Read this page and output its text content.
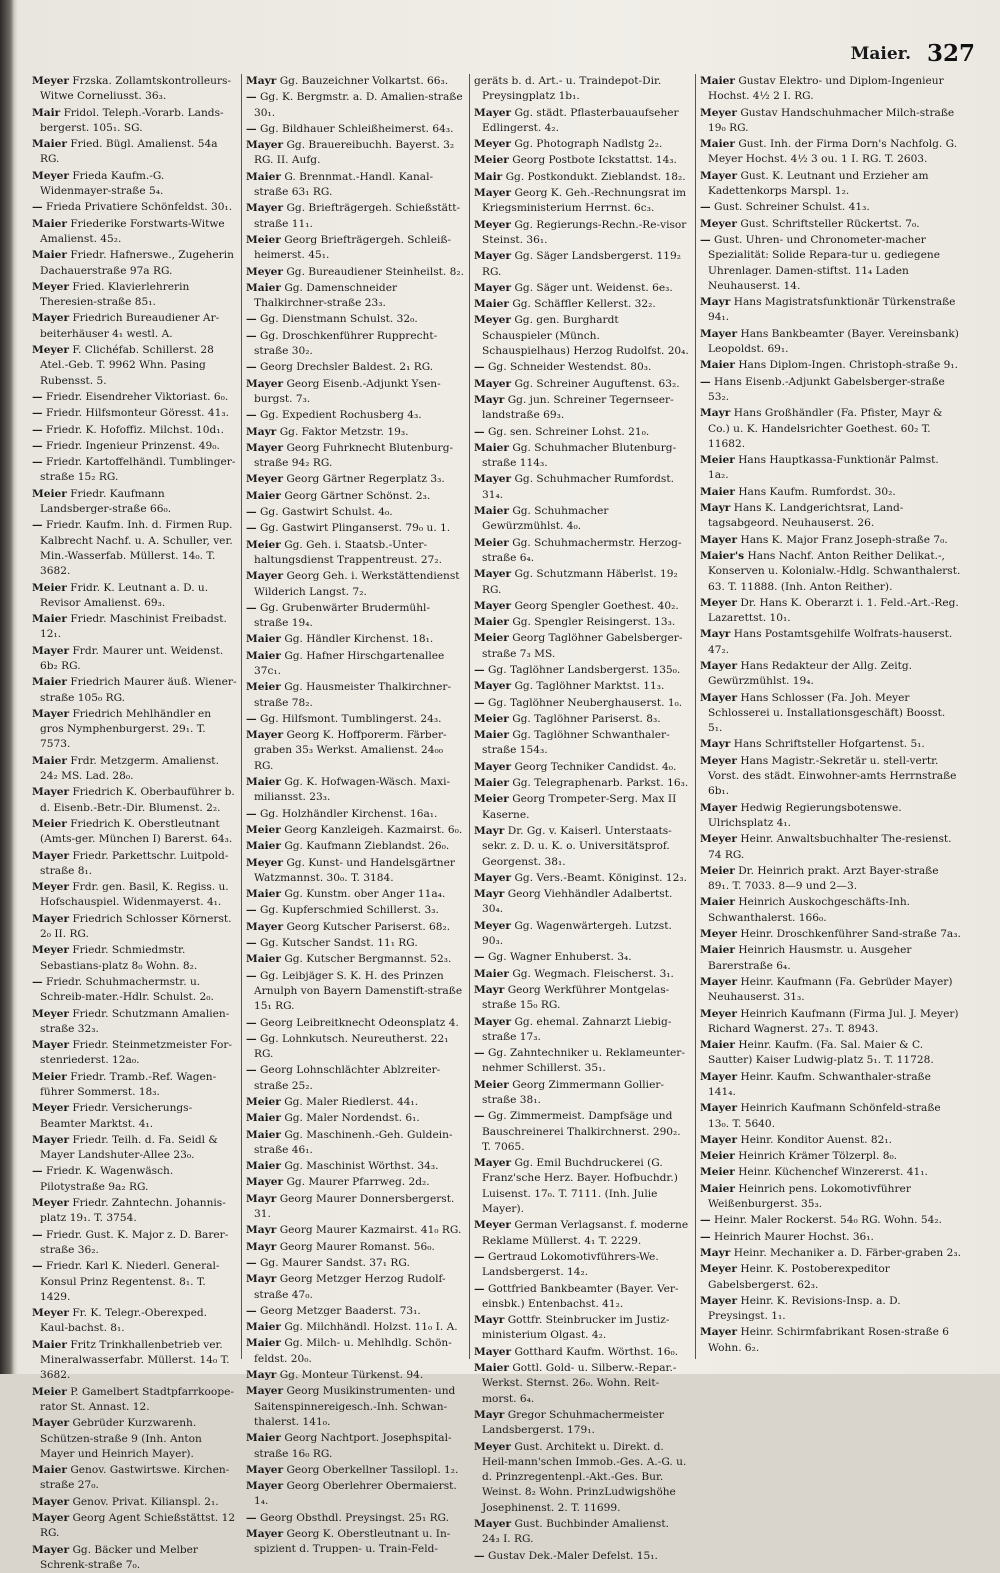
Maier. 327
Meyer Frzska. Zollamtskontrolleurs-Witwe Corneliusst. 36₃.
Mair Fridol. Teleph.-Vorarb. Lands-bergerst. 105₁. SG.
Maier Fried. Bügl. Amalienst. 54a RG.
Meyer Frieda Kaufm.-G. Widenmayer-straße 5₄.
— Frieda Privatiere Schönfeldst. 30₁.
Maier Friederike Forstwarts-Witwe Amalienst. 45₂.
Maier Friedr. Hafnerswe., Zugeherin Dachauerstraße 97a RG.
Meyer Fried. Klavierlehrerin Theresien-straße 85₁.
Mayer Friedrich Bureaudiener Ar-beiterhäuser 4₁ westl. A.
Meyer F. Clichéfab. Schillerst. 28 Atel.-Geb. T. 9962 Whn. Pasing Rubensst. 5.
— Friedr. Eisendreher Viktoriast. 6₀.
— Friedr. Hilfsmonteur Göresst. 41₃.
— Friedr. K. Hofoffiz. Milchst. 10d₁.
— Friedr. Ingenieur Prinzenst. 49₀.
— Friedr. Kartoffelhändl. Tumblinger-straße 15₂ RG.
Meier Friedr. Kaufmann Landsberger-straße 66₀.
— Friedr. Kaufm. Inh. d. Firmen Rup. Kalbrecht Nachf. u. A. Schuller, ver. Min.-Wasserfab. Müllerst. 14₀. T. 3682.
Meier Fridr. K. Leutnant a. D. u. Revisor Amalienst. 69₃.
Maier Friedr. Maschinist Freibadst. 12₁.
Mayer Frdr. Maurer unt. Weidenst. 6b₂ RG.
Maier Friedrich Maurer äuß. Wiener-straße 105₀ RG.
Mayer Friedrich Mehlhändler en gros Nymphenburgerst. 29₁. T. 7573.
Maier Frdr. Metzgerm. Amalienst. 24₂ MS. Lad. 28₀.
Mayer Friedrich K. Oberbauführer b. d. Eisenb.-Betr.-Dir. Blumenst. 2₂.
Meier Friedrich K. Oberstleutnant (Amts-ger. München I) Barerst. 64₃.
Mayer Friedr. Parkettschr. Luitpold-straße 8₁.
Meyer Frdr. gen. Basil, K. Regiss. u. Hofschauspiel. Widenmayerst. 4₁.
Mayer Friedrich Schlosser Körnerst. 2₀ II. RG.
Meyer Friedr. Schmiedmstr. Sebastians-platz 8₀ Wohn. 8₂.
— Friedr. Schuhmachermstr. u. Schreib-mater.-Hdlr. Schulst. 2₀.
Meyer Friedr. Schutzmann Amalien-straße 32₃.
Mayer Friedr. Steinmetzmeister For-stenriederst. 12a₀.
Meier Friedr. Tramb.-Ref. Wagen-führer Sommerst. 18₃.
Meyer Friedr. Versicherungs-Beamter Marktst. 4₁.
Mayer Friedr. Teilh. d. Fa. Seidl & Mayer Landshuter-Allee 23₀.
— Friedr. K. Wagenwäsch. Pilotystraße 9a₂ RG.
Meyer Friedr. Zahntechn. Johannis-platz 19₁. T. 3754.
— Friedr. Gust. K. Major z. D. Barer-straße 36₂.
— Friedr. Karl K. Niederl. General-Konsul Prinz Regentenst. 8₁. T. 1429.
Meyer Fr. K. Telegr.-Oberexped. Kaul-bachst. 8₁.
Maier Fritz Trinkhallenbetrieb ver. Mineralwasserfabr. Müllerst. 14₀ T. 3682.
Meier P. Gamelbert Stadtpfarrkoope-rator St. Annast. 12.
Mayer Gebrüder Kurzwarenh. Schützen-straße 9 (Inh. Anton Mayer und Heinrich Mayer).
Maier Genov. Gastwirtswe. Kirchen-straße 27₀.
Mayer Genov. Privat. Kilianspl. 2₁.
Mayer Georg Agent Schießstättst. 12 RG.
Mayer Gg. Bäcker und Melber Schrenk-straße 7₀.
Mayr Gg. Bauzeichner Volkartst. 66₃.
— Gg. K. Bergmstr. a. D. Amalien-straße 30₁.
— Gg. Bildhauer Schleißheimerst. 64₃.
Mayer Gg. Brauereibuchh. Bayerst. 3₂ RG. II. Aufg.
Maier G. Brennmat.-Handl. Kanal-straße 63₁ RG.
Mayer Gg. Briefträgergeh. Schießstätt-straße 11₁.
Meier Georg Briefträgergeh. Schleiß-heimerst. 45₁.
Meyer Gg. Bureaudiener Steinheilst. 8₂.
Maier Gg. Damenschneider Thalkirchner-straße 23₃.
— Gg. Dienstmann Schulst. 32₀.
— Gg. Droschkenführer Rupprecht-straße 30₂.
— Georg Drechsler Baldest. 2₁ RG.
Mayer Georg Eisenb.-Adjunkt Ysen-burgst. 7₃.
— Gg. Expedient Rochusberg 4₃.
Mayr Gg. Faktor Metzstr. 19₃.
Mayer Georg Fuhrknecht Blutenburg-straße 94₂ RG.
Meyer Georg Gärtner Regerplatz 3₃.
Maier Georg Gärtner Schönst. 2₃.
— Gg. Gastwirt Schulst. 4₀.
— Gg. Gastwirt Plinganserst. 79₀ u. 1.
Meier Gg. Geh. i. Staatsb.-Unter-haltungsdienst Trappentreust. 27₂.
Mayer Georg Geh. i. Werkstättendienst Wilderich Langst. 7₂.
— Gg. Grubenwärter Brudermühl-straße 19₄.
Maier Gg. Händler Kirchenst. 18₁.
Maier Gg. Hafner Hirschgartenallee 37c₁.
Meier Gg. Hausmeister Thalkirchner-straße 78₂.
— Gg. Hilfsmont. Tumblingerst. 24₃.
Mayer Georg K. Hoffporerm. Färber-graben 35₃ Werkst. Amalienst. 24₀₀ RG.
Maier Gg. K. Hofwagen-Wäsch. Maxi-miliansst. 23₃.
— Gg. Holzhändler Kirchenst. 16a₁.
Meier Georg Kanzleigeh. Kazmairst. 6₀.
Maier Gg. Kaufmann Zieblandst. 26₀.
Meyer Gg. Kunst- und Handelsgärtner Watzmannst. 30₀. T. 3184.
Maier Gg. Kunstm. ober Anger 11a₄.
— Gg. Kupferschmied Schillerst. 3₃.
Mayer Georg Kutscher Pariserst. 68₂.
— Gg. Kutscher Sandst. 11₁ RG.
Maier Gg. Kutscher Bergmannst. 52₃.
— Gg. Leibjäger S. K. H. des Prinzen Arnulph von Bayern Damenstift-straße 15₁ RG.
— Georg Leibreitknecht Odeonsplatz 4.
— Gg. Lohnkutsch. Neureutherst. 22₁ RG.
— Georg Lohnschlächter Ablzreiter-straße 25₂.
Meier Gg. Maler Riedlerst. 44₁.
Maier Gg. Maler Nordendst. 6₁.
Maier Gg. Maschinenh.-Geh. Guldein-straße 46₁.
Maier Gg. Maschinist Wörthst. 34₃.
Mayer Gg. Maurer Pfarrweg. 2d₂.
Mayr Georg Maurer Donnersbergerst. 31.
Mayr Georg Maurer Kazmairst. 41₀ RG.
Mayr Georg Maurer Romanst. 56₀.
— Gg. Maurer Sandst. 37₁ RG.
Mayr Georg Metzger Herzog Rudolf-straße 47₀.
— Georg Metzger Baaderst. 73₁.
Maier Gg. Milchhändl. Holzst. 11₀ I. A.
Maier Gg. Milch- u. Mehlhdlg. Schön-feldst. 20₀.
Mayr Gg. Monteur Türkenst. 94.
Mayer Georg Musikinstrumenten- und Saitenspinnereigesch.-Inh. Schwan-thalerst. 141₀.
Maier Georg Nachtport. Josephspital-straße 16₀ RG.
Mayer Georg Oberkellner Tassilopl. 1₂.
Mayer Georg Oberlehrer Obermaierst. 1₄.
— Georg Obsthdl. Preysingst. 25₁ RG.
Mayer Georg K. Oberstleutnant u. In-spizient d. Truppen- u. Train-Feld-
geräts b. d. Art.- u. Traindepot-Dir. Preysingplatz 1b₁.
Mayer Gg. städt. Pflasterbauaufseher Edlingerst. 4₂.
Meyer Gg. Photograph Nadlstg 2₂.
Meier Georg Postbote Ickstattst. 14₃.
Mair Gg. Postkondukt. Zieblandst. 18₂.
Mayer Georg K. Geh.-Rechnungsrat im Kriegsministerium Herrnst. 6c₃.
Meyer Gg. Regierungs-Rechn.-Re-visor Steinst. 36₁.
Mayer Gg. Säger Landsbergerst. 119₂ RG.
Mayer Gg. Säger unt. Weidenst. 6e₃.
Maier Gg. Schäffler Kellerst. 32₂.
Meyer Gg. gen. Burghardt Schauspieler (Münch. Schauspielhaus) Herzog Rudolfst. 20₄.
— Gg. Schneider Westendst. 80₃.
Mayer Gg. Schreiner Auguftenst. 63₂.
Mayr Gg. jun. Schreiner Tegernseer-landstraße 69₃.
— Gg. sen. Schreiner Lohst. 21₀.
Maier Gg. Schuhmacher Blutenburg-straße 114₃.
Mayer Gg. Schuhmacher Rumfordst. 31₄.
Maier Gg. Schuhmacher Gewürzmühlst. 4₀.
Meier Gg. Schuhmachermstr. Herzog-straße 6₄.
Mayer Gg. Schutzmann Häberlst. 19₂ RG.
Mayer Georg Spengler Goethest. 40₂.
Maier Gg. Spengler Reisingerst. 13₃.
Meier Georg Taglöhner Gabelsberger-straße 7₃ MS.
— Gg. Taglöhner Landsbergerst. 135₀.
Mayer Gg. Taglöhner Marktst. 11₃.
— Gg. Taglöhner Neuberghauserst. 1₀.
Meier Gg. Taglöhner Pariserst. 8₃.
Maier Gg. Taglöhner Schwanthaler-straße 154₃.
Mayer Georg Techniker Candidst. 4₀.
Maier Gg. Telegraphenarb. Parkst. 16₃.
Meier Georg Trompeter-Serg. Max II Kaserne.
Mayr Dr. Gg. v. Kaiserl. Unterstaats-sekr. z. D. u. K. o. Universitätsprof. Georgenst. 38₁.
Mayer Gg. Vers.-Beamt. Königinst. 12₃.
Mayr Georg Viehhändler Adalbertst. 30₄.
Meyer Gg. Wagenwärtergeh. Lutzst. 90₃.
— Gg. Wagner Enhuberst. 3₄.
Maier Gg. Wegmach. Fleischerst. 3₁.
Mayr Georg Werkführer Montgelas-straße 15₀ RG.
Mayer Gg. ehemal. Zahnarzt Liebig-straße 17₃.
— Gg. Zahntechniker u. Reklameunter-nehmer Schillerst. 35₁.
Meier Georg Zimmermann Gollier-straße 38₁.
— Gg. Zimmermeist. Dampfsäge und Bauschreinerei Thalkirchnerst. 290₂. T. 7065.
Mayer Gg. Emil Buchdruckerei (G. Franz'sche Herz. Bayer. Hofbuchdr.) Luisenst. 17₀. T. 7111. (Inh. Julie Mayer).
Meyer German Verlagsanst. f. moderne Reklame Müllerst. 4₁ T. 2229.
— Gertraud Lokomotivführers-We. Landsbergerst. 14₂.
— Gottfried Bankbeamter (Bayer. Ver-einsbk.) Entenbachst. 41₂.
Mayr Gottfr. Steinbrucker im Justiz-ministerium Olgast. 4₂.
Mayer Gotthard Kaufm. Wörthst. 16₀.
Maier Gottl. Gold- u. Silberw.-Repar.-Werkst. Sternst. 26₀. Wohn. Reit-morst. 6₄.
Mayr Gregor Schuhmachermeister Landsbergerst. 179₁.
Meyer Gust. Architekt u. Direkt. d. Heil-mann'schen Immob.-Ges. A.-G. u. d. Prinzregentenpl.-Akt.-Ges. Bur. Weinst. 8₂ Wohn. PrinzLudwigshöhe Josephinenst. 2. T. 11699.
Mayer Gust. Buchbinder Amalienst. 24₃ I. RG.
— Gustav Dek.-Maler Defelst. 15₁.
Maier Gustav Elektro- und Diplom-Ingenieur Hochst. 4½ 2 I. RG.
Meyer Gustav Handschuhmacher Milch-straße 19₀ RG.
Maier Gust. Inh. der Firma Dorn's Nachfolg. G. Meyer Hochst. 4½ 3 ou. 1 I. RG. T. 2603.
Mayer Gust. K. Leutnant und Erzieher am Kadettenkorps Marspl. 1₂.
— Gust. Schreiner Schulst. 41₃.
Meyer Gust. Schriftsteller Rückertst. 7₀.
— Gust. Uhren- und Chronometer-macher Spezialität: Solide Repara-tur u. gediegene Uhrenlager. Damen-stiftst. 11₄ Laden Neuhauserst. 14.
Mayr Hans Magistratsfunktionär Türkenstraße 94₁.
Mayer Hans Bankbeamter (Bayer. Vereinsbank) Leopoldst. 69₁.
Maier Hans Diplom-Ingen. Christoph-straße 9₁.
— Hans Eisenb.-Adjunkt Gabelsberger-straße 53₂.
Mayr Hans Großhändler (Fa. Pfister, Mayr & Co.) u. K. Handelsrichter Goethest. 60₂ T. 11682.
Meier Hans Hauptkassa-Funktionär Palmst. 1a₂.
Maier Hans Kaufm. Rumfordst. 30₂.
Mayr Hans K. Landgerichtsrat, Land-tagsabgeord. Neuhauserst. 26.
Mayer Hans K. Major Franz Joseph-straße 7₀.
Maier's Hans Nachf. Anton Reither Delikat.-, Konserven u. Kolonialw.-Hdlg. Schwanthalerst. 63. T. 11888. (Inh. Anton Reither).
Meyer Dr. Hans K. Oberarzt i. 1. Feld.-Art.-Reg. Lazarettst. 10₁.
Mayr Hans Postamtsgehilfe Wolfrats-hauserst. 47₂.
Mayer Hans Redakteur der Allg. Zeitg. Gewürzmühlst. 19₄.
Mayer Hans Schlosser (Fa. Joh. Meyer Schlosserei u. Installationsgeschäft) Boosst. 5₁.
Mayr Hans Schriftsteller Hofgartenst. 5₁.
Meyer Hans Magistr.-Sekretär u. stell-vertr. Vorst. des städt. Einwohner-amts Herrnstraße 6b₁.
Mayer Hedwig Regierungsbotenswe. Ulrichsplatz 4₁.
Meyer Heinr. Anwaltsbuchhalter The-resienst. 74 RG.
Meier Dr. Heinrich prakt. Arzt Bayer-straße 89₁. T. 7033. 8—9 und 2—3.
Maier Heinrich Auskochgeschäfts-Inh. Schwanthalerst. 166₀.
Meyer Heinr. Droschkenführer Sand-straße 7a₃.
Maier Heinrich Hausmstr. u. Ausgeher Barerstraße 6₄.
Mayer Heinr. Kaufmann (Fa. Gebrüder Mayer) Neuhauserst. 31₃.
Meyer Heinrich Kaufmann (Firma Jul. J. Meyer) Richard Wagnerst. 27₃. T. 8943.
Maier Heinr. Kaufm. (Fa. Sal. Maier & C. Sautter) Kaiser Ludwig-platz 5₁. T. 11728.
Mayer Heinr. Kaufm. Schwanthaler-straße 141₄.
Mayer Heinrich Kaufmann Schönfeld-straße 13₀. T. 5640.
Mayer Heinr. Konditor Auenst. 82₁.
Meier Heinrich Krämer Tölzerpl. 8₀.
Meier Heinr. Küchenchef Winzererst. 41₁.
Maier Heinrich pens. Lokomotivführer Weißenburgerst. 35₃.
— Heinr. Maler Rockerst. 54₀ RG. Wohn. 54₂.
— Heinrich Maurer Hochst. 36₁.
Mayr Heinr. Mechaniker a. D. Färber-graben 2₃.
Meyer Heinr. K. Postoberexpeditor Gabelsbergerst. 62₃.
Mayer Heinr. K. Revisions-Insp. a. D. Preysingst. 1₁.
Mayer Heinr. Schirmfabrikant Rosen-straße 6 Wohn. 6₂.
